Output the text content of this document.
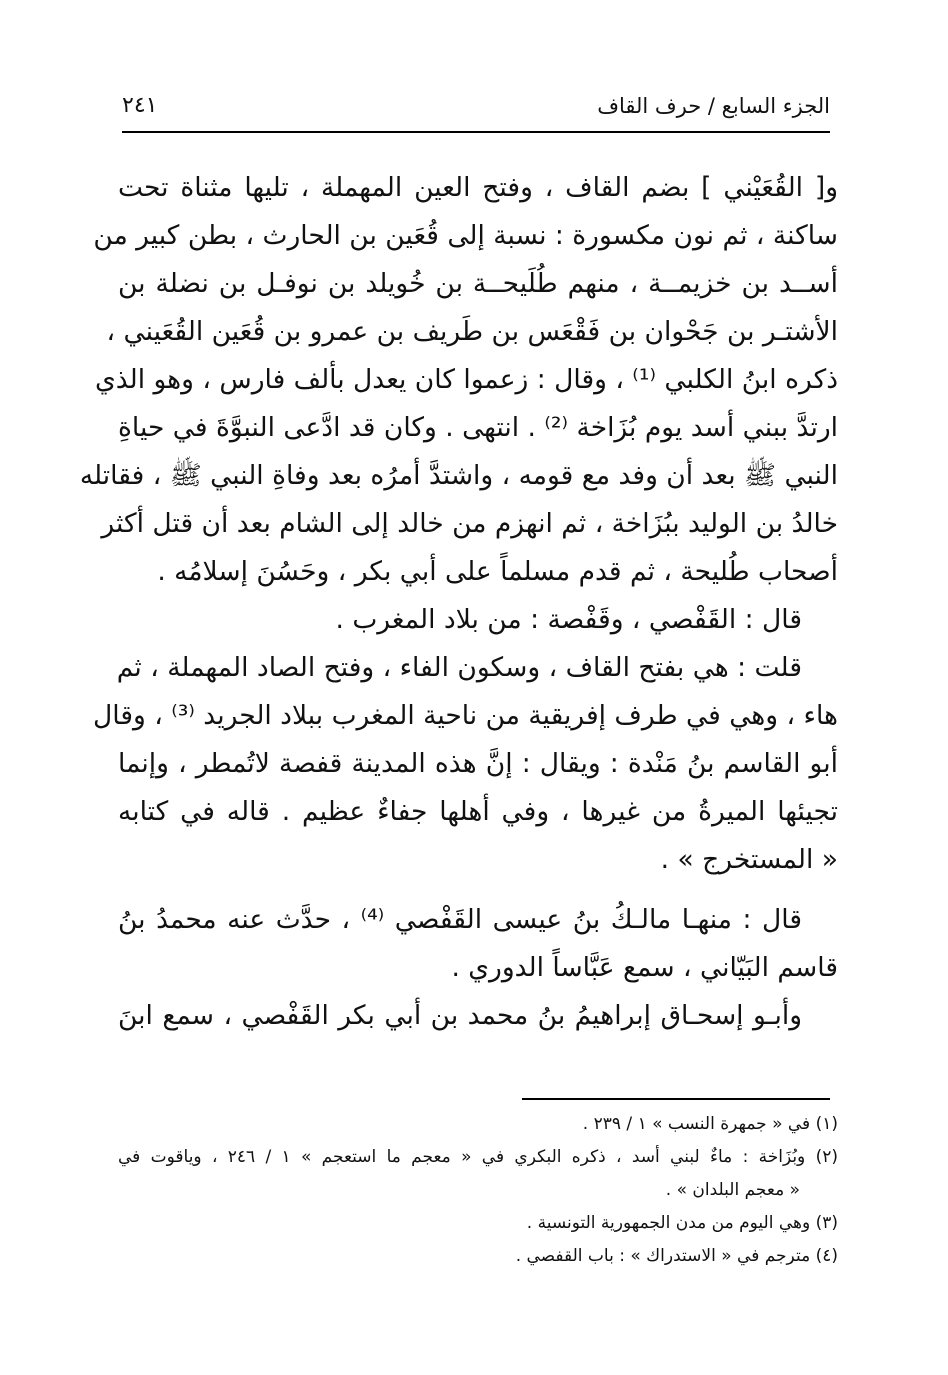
الجزء السابع / حرف القاف
٢٤١
و[ القُعَيْني ] بضم القاف ، وفتح العين المهملة ، تليها مثناة تحت
ساكنة ، ثم نون مكسورة : نسبة إلى قُعَين بن الحارث ، بطن كبير من
أســد بن خزيمــة ، منهم طُلَيحــة بن خُويلد بن نوفـل بن نضلة بن
الأشتـر بن جَحْوان بن فَقْعَس بن طَريف بن عمرو بن قُعَين القُعَيني ،
ذكره ابنُ الكلبي ⁽¹⁾ ، وقال : زعموا كان يعدل بألف فارس ، وهو الذي
ارتدَّ ببني أسد يوم بُزَاخة ⁽²⁾ . انتهى . وكان قد ادَّعى النبوَّةَ في حياةِ
النبي ﷺ بعد أن وفد مع قومه ، واشتدَّ أمرُه بعد وفاةِ النبي ﷺ ، فقاتله
خالدُ بن الوليد ببُزَاخة ، ثم انهزم من خالد إلى الشام بعد أن قتل أكثر
أصحاب طُليحة ، ثم قدم مسلماً على أبي بكر ، وحَسُنَ إسلامُه .
قال : القَفْصي ، وقَفْصة : من بلاد المغرب .
قلت : هي بفتح القاف ، وسكون الفاء ، وفتح الصاد المهملة ، ثم
هاء ، وهي في طرف إفريقية من ناحية المغرب ببلاد الجريد ⁽³⁾ ، وقال
أبو القاسم بنُ مَنْدة : ويقال : إنَّ هذه المدينة قفصة لاتُمطر ، وإنما
تجيئها الميرةُ من غيرها ، وفي أهلها جفاءٌ عظيم . قاله في كتابه
« المستخرج » .
قال : منهـا مالـكُ بنُ عيسى القَفْصي ⁽⁴⁾ ، حدَّث عنه محمدُ بنُ
قاسم البَيّاني ، سمع عَبَّاساً الدوري .
وأبـو إسحـاق إبراهيمُ بنُ محمد بن أبي بكر القَفْصي ، سمع ابنَ
(١) في « جمهرة النسب » ١ / ٢٣٩ .
(٢) وبُزَاخة : ماءٌ لبني أسد ، ذكره البكري في « معجم ما استعجم » ١ / ٢٤٦ ، وياقوت في
« معجم البلدان » .
(٣) وهي اليوم من مدن الجمهورية التونسية .
(٤) مترجم في « الاستدراك » : باب القفصي .
